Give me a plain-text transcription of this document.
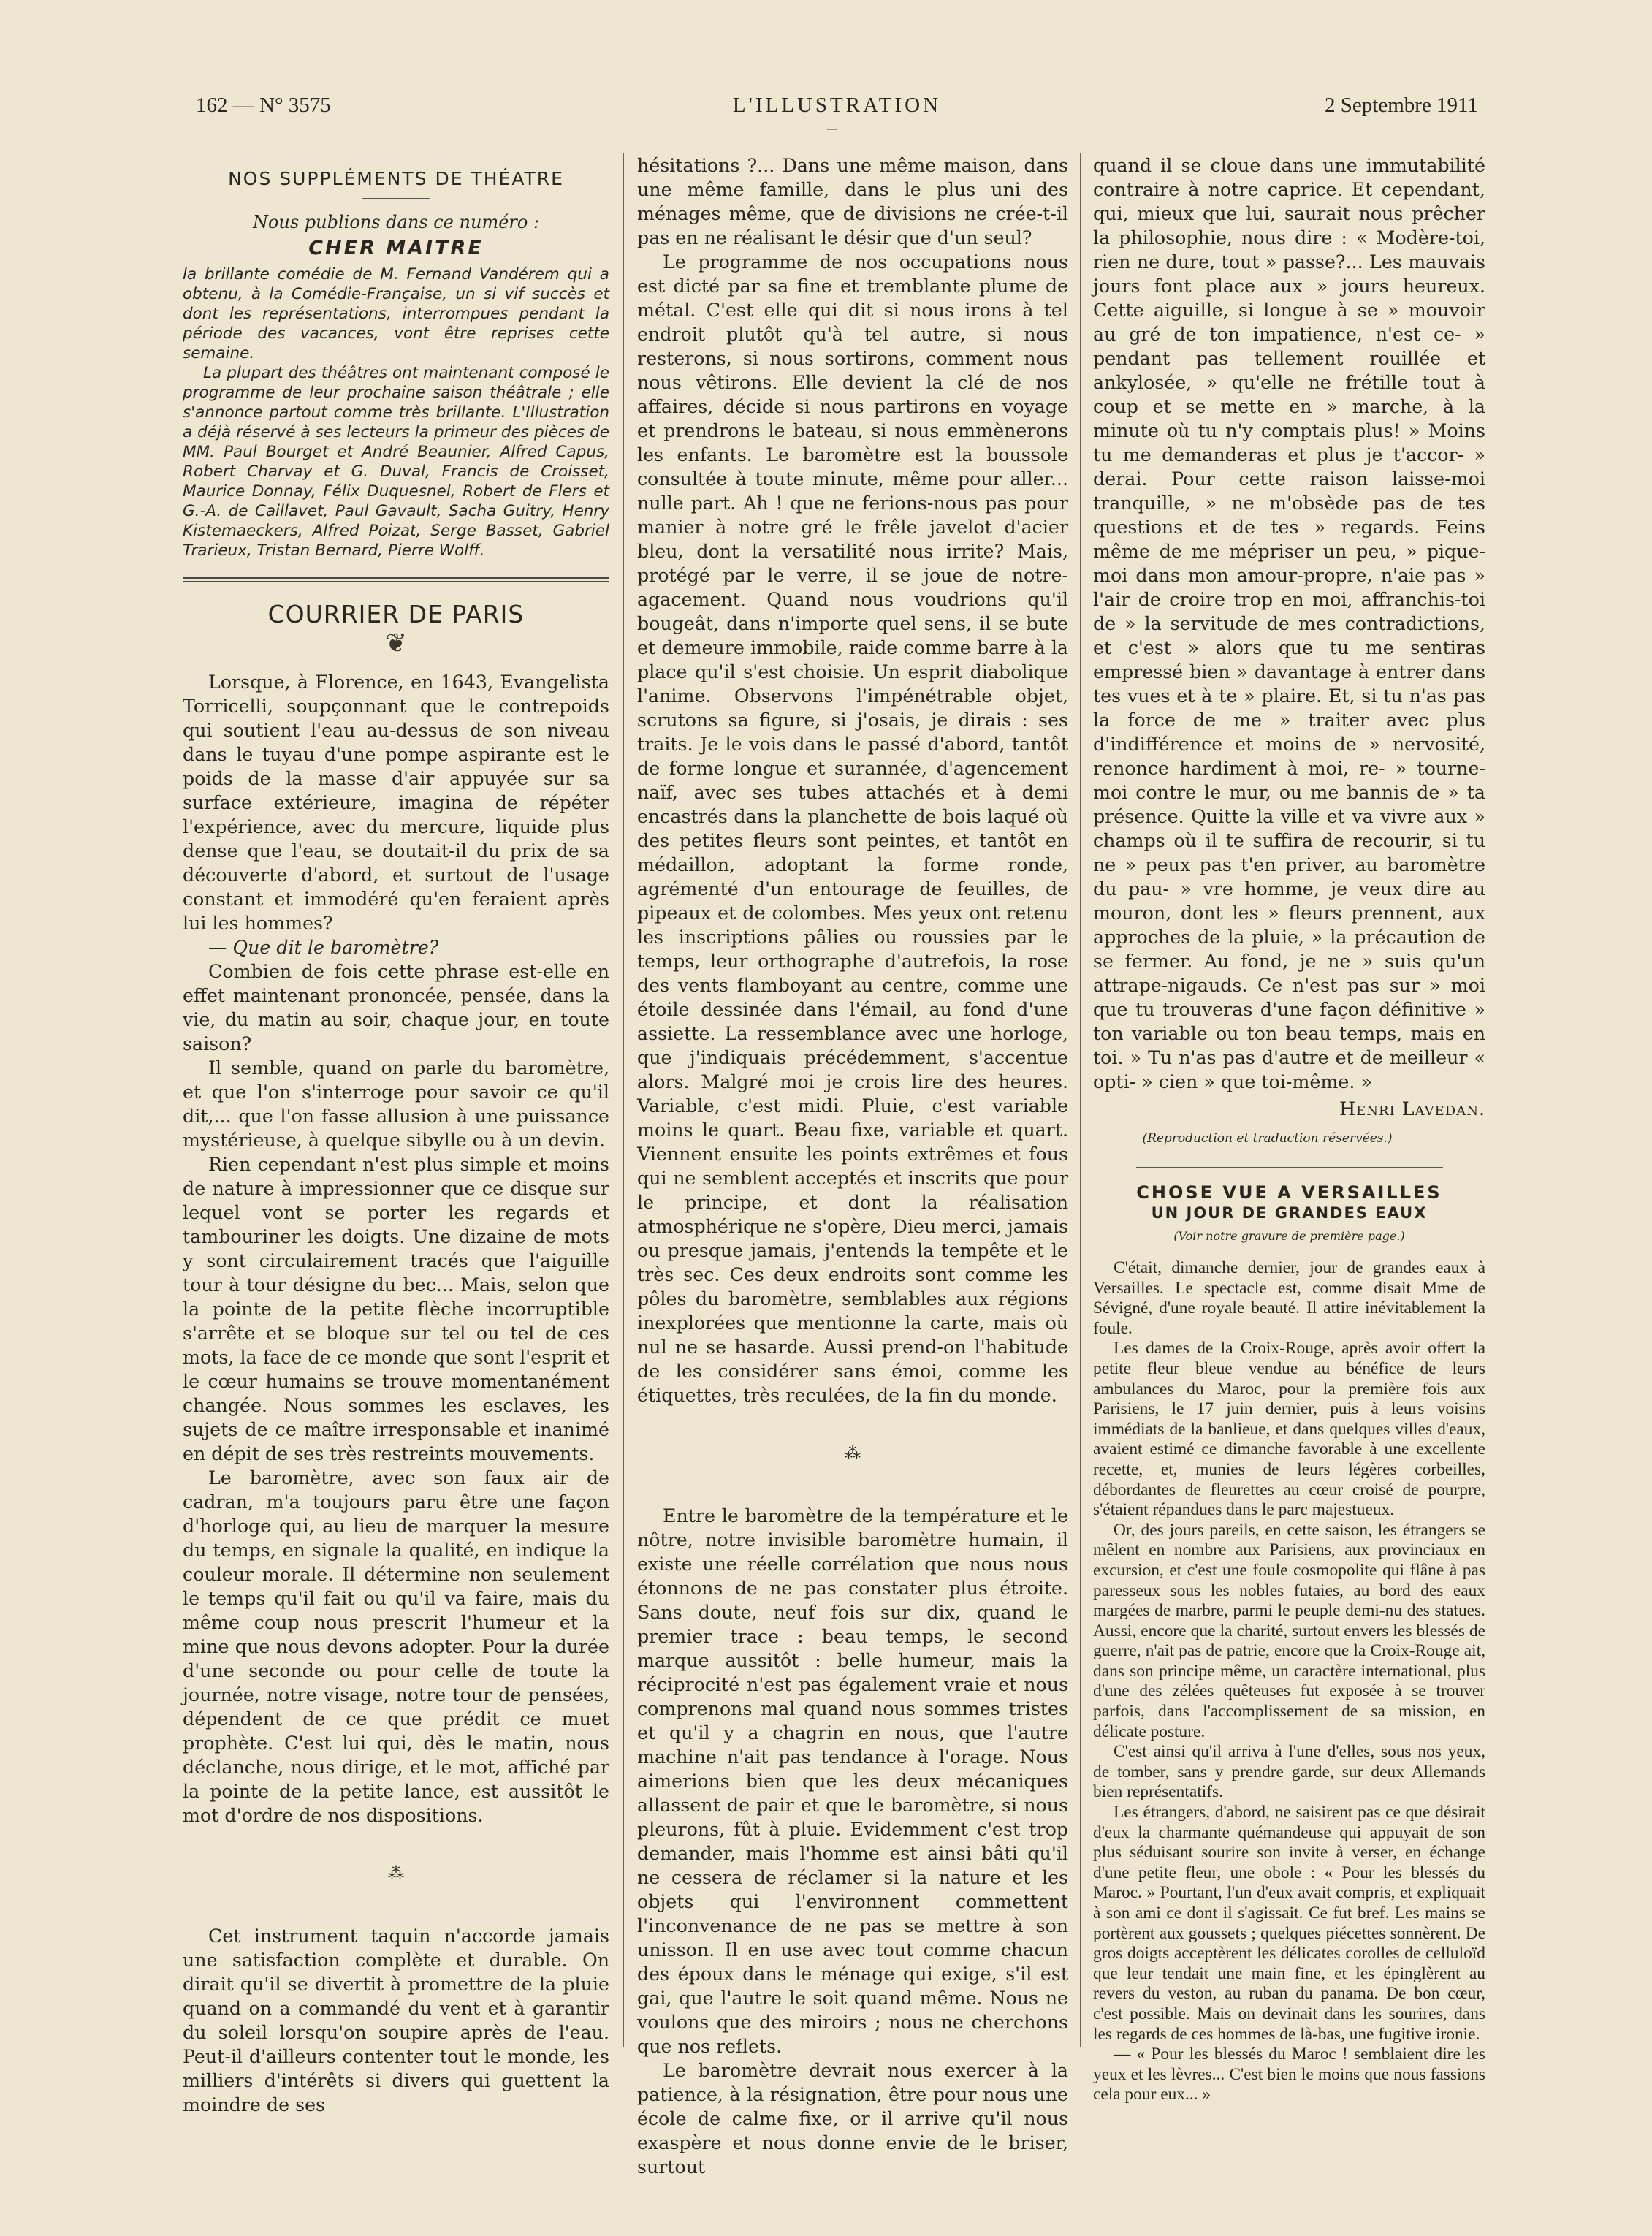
162 — N° 3575	L'ILLUSTRATION	2 Septembre 1911
NOS SUPPLÉMENTS DE THÉATRE
Nous publions dans ce numéro :
CHER MAITRE

la brillante comédie de M. Fernand Vandérem qui a obtenu, à la Comédie-Française, un si vif succès et dont les représentations, interrompues pendant la période des vacances, vont être reprises cette semaine.

La plupart des théâtres ont maintenant composé le programme de leur prochaine saison théâtrale ; elle s'annonce partout comme très brillante. L'Illustration a déjà réservé à ses lecteurs la primeur des pièces de MM. Paul Bourget et André Beaunier, Alfred Capus, Robert Charvay et G. Duval, Francis de Croisset, Maurice Donnay, Félix Duquesnel, Robert de Flers et G.-A. de Caillavet, Paul Gavault, Sacha Guitry, Henry Kistemaeckers, Alfred Poizat, Serge Basset, Gabriel Trarieux, Tristan Bernard, Pierre Wolff.

COURRIER DE PARIS
❦

Lorsque, à Florence, en 1643, Evangelista Torricelli, soupçonnant que le contrepoids qui soutient l'eau au-dessus de son niveau dans le tuyau d'une pompe aspirante est le poids de la masse d'air appuyée sur sa surface extérieure, imagina de répéter l'expérience, avec du mercure, liquide plus dense que l'eau, se doutait-il du prix de sa découverte d'abord, et surtout de l'usage constant et immodéré qu'en feraient après lui les hommes?

— Que dit le baromètre?

Combien de fois cette phrase est-elle en effet maintenant prononcée, pensée, dans la vie, du matin au soir, chaque jour, en toute saison?

Il semble, quand on parle du baromètre, et que l'on s'interroge pour savoir ce qu'il dit,... que l'on fasse allusion à une puissance mystérieuse, à quelque sibylle ou à un devin.

Rien cependant n'est plus simple et moins de nature à impressionner que ce disque sur lequel vont se porter les regards et tambouriner les doigts. Une dizaine de mots y sont circulairement tracés que l'aiguille tour à tour désigne du bec... Mais, selon que la pointe de la petite flèche incorruptible s'arrête et se bloque sur tel ou tel de ces mots, la face de ce monde que sont l'esprit et le cœur humains se trouve momentanément changée. Nous sommes les esclaves, les sujets de ce maître irresponsable et inanimé en dépit de ses très restreints mouvements.

Le baromètre, avec son faux air de cadran, m'a toujours paru être une façon d'horloge qui, au lieu de marquer la mesure du temps, en signale la qualité, en indique la couleur morale. Il détermine non seulement le temps qu'il fait ou qu'il va faire, mais du même coup nous prescrit l'humeur et la mine que nous devons adopter. Pour la durée d'une seconde ou pour celle de toute la journée, notre visage, notre tour de pensées, dépendent de ce que prédit ce muet prophète. C'est lui qui, dès le matin, nous déclanche, nous dirige, et le mot, affiché par la pointe de la petite lance, est aussitôt le mot d'ordre de nos dispositions.

⁂

Cet instrument taquin n'accorde jamais une satisfaction complète et durable. On dirait qu'il se divertit à promettre de la pluie quand on a commandé du vent et à garantir du soleil lorsqu'on soupire après de l'eau. Peut-il d'ailleurs contenter tout le monde, les milliers d'intérêts si divers qui guettent la moindre de ses

hésitations ?... Dans une même maison, dans une même famille, dans le plus uni des ménages même, que de divisions ne crée-t-il pas en ne réalisant le désir que d'un seul?

Le programme de nos occupations nous est dicté par sa fine et tremblante plume de métal. C'est elle qui dit si nous irons à tel endroit plutôt qu'à tel autre, si nous resterons, si nous sortirons, comment nous nous vêtirons. Elle devient la clé de nos affaires, décide si nous partirons en voyage et prendrons le bateau, si nous emmènerons les enfants. Le baromètre est la boussole consultée à toute minute, même pour aller... nulle part. Ah ! que ne ferions-nous pas pour manier à notre gré le frêle javelot d'acier bleu, dont la versatilité nous irrite? Mais, protégé par le verre, il se joue de notre-agacement. Quand nous voudrions qu'il bougeât, dans n'importe quel sens, il se bute et demeure immobile, raide comme barre à la place qu'il s'est choisie. Un esprit diabolique l'anime. Observons l'impénétrable objet, scrutons sa figure, si j'osais, je dirais : ses traits. Je le vois dans le passé d'abord, tantôt de forme longue et surannée, d'agencement naïf, avec ses tubes attachés et à demi encastrés dans la planchette de bois laqué où des petites fleurs sont peintes, et tantôt en médaillon, adoptant la forme ronde, agrémenté d'un entourage de feuilles, de pipeaux et de colombes. Mes yeux ont retenu les inscriptions pâlies ou roussies par le temps, leur orthographe d'autrefois, la rose des vents flamboyant au centre, comme une étoile dessinée dans l'émail, au fond d'une assiette. La ressemblance avec une horloge, que j'indiquais précédemment, s'accentue alors. Malgré moi je crois lire des heures. Variable, c'est midi. Pluie, c'est variable moins le quart. Beau fixe, variable et quart. Viennent ensuite les points extrêmes et fous qui ne semblent acceptés et inscrits que pour le principe, et dont la réalisation atmosphérique ne s'opère, Dieu merci, jamais ou presque jamais, j'entends la tempête et le très sec. Ces deux endroits sont comme les pôles du baromètre, semblables aux régions inexplorées que mentionne la carte, mais où nul ne se hasarde. Aussi prend-on l'habitude de les considérer sans émoi, comme les étiquettes, très reculées, de la fin du monde.

⁂

Entre le baromètre de la température et le nôtre, notre invisible baromètre humain, il existe une réelle corrélation que nous nous étonnons de ne pas constater plus étroite. Sans doute, neuf fois sur dix, quand le premier trace : beau temps, le second marque aussitôt : belle humeur, mais la réciprocité n'est pas également vraie et nous comprenons mal quand nous sommes tristes et qu'il y a chagrin en nous, que l'autre machine n'ait pas tendance à l'orage. Nous aimerions bien que les deux mécaniques allassent de pair et que le baromètre, si nous pleurons, fût à pluie. Evidemment c'est trop demander, mais l'homme est ainsi bâti qu'il ne cessera de réclamer si la nature et les objets qui l'environnent commettent l'inconvenance de ne pas se mettre à son unisson. Il en use avec tout comme chacun des époux dans le ménage qui exige, s'il est gai, que l'autre le soit quand même. Nous ne voulons que des miroirs ; nous ne cherchons que nos reflets.

Le baromètre devrait nous exercer à la patience, à la résignation, être pour nous une école de calme fixe, or il arrive qu'il nous exaspère et nous donne envie de le briser, surtout

quand il se cloue dans une immutabilité contraire à notre caprice. Et cependant, qui, mieux que lui, saurait nous prêcher la philosophie, nous dire : « Modère-toi, rien ne dure, tout » passe?... Les mauvais jours font place aux » jours heureux. Cette aiguille, si longue à se » mouvoir au gré de ton impatience, n'est ce- » pendant pas tellement rouillée et ankylosée, » qu'elle ne frétille tout à coup et se mette en » marche, à la minute où tu n'y comptais plus! » Moins tu me demanderas et plus je t'accor- » derai. Pour cette raison laisse-moi tranquille, » ne m'obsède pas de tes questions et de tes » regards. Feins même de me mépriser un peu, » pique-moi dans mon amour-propre, n'aie pas » l'air de croire trop en moi, affranchis-toi de » la servitude de mes contradictions, et c'est » alors que tu me sentiras empressé bien » davantage à entrer dans tes vues et à te » plaire. Et, si tu n'as pas la force de me » traiter avec plus d'indifférence et moins de » nervosité, renonce hardiment à moi, re- » tourne-moi contre le mur, ou me bannis de » ta présence. Quitte la ville et va vivre aux » champs où il te suffira de recourir, si tu ne » peux pas t'en priver, au baromètre du pau- » vre homme, je veux dire au mouron, dont les » fleurs prennent, aux approches de la pluie, » la précaution de se fermer. Au fond, je ne » suis qu'un attrape-nigauds. Ce n'est pas sur » moi que tu trouveras d'une façon définitive » ton variable ou ton beau temps, mais en toi. » Tu n'as pas d'autre et de meilleur « opti- » cien » que toi-même. »

Henri Lavedan.
(Reproduction et traduction réservées.)
CHOSE VUE A VERSAILLES
UN JOUR DE GRANDES EAUX
(Voir notre gravure de première page.)

C'était, dimanche dernier, jour de grandes eaux à Versailles. Le spectacle est, comme disait Mme de Sévigné, d'une royale beauté. Il attire inévitablement la foule.

Les dames de la Croix-Rouge, après avoir offert la petite fleur bleue vendue au bénéfice de leurs ambulances du Maroc, pour la première fois aux Parisiens, le 17 juin dernier, puis à leurs voisins immédiats de la banlieue, et dans quelques villes d'eaux, avaient estimé ce dimanche favorable à une excellente recette, et, munies de leurs légères corbeilles, débordantes de fleurettes au cœur croisé de pourpre, s'étaient répandues dans le parc majestueux.

Or, des jours pareils, en cette saison, les étrangers se mêlent en nombre aux Parisiens, aux provinciaux en excursion, et c'est une foule cosmopolite qui flâne à pas paresseux sous les nobles futaies, au bord des eaux margées de marbre, parmi le peuple demi-nu des statues. Aussi, encore que la charité, surtout envers les blessés de guerre, n'ait pas de patrie, encore que la Croix-Rouge ait, dans son principe même, un caractère international, plus d'une des zélées quêteuses fut exposée à se trouver parfois, dans l'accomplissement de sa mission, en délicate posture.

C'est ainsi qu'il arriva à l'une d'elles, sous nos yeux, de tomber, sans y prendre garde, sur deux Allemands bien représentatifs.

Les étrangers, d'abord, ne saisirent pas ce que désirait d'eux la charmante quémandeuse qui appuyait de son plus séduisant sourire son invite à verser, en échange d'une petite fleur, une obole : « Pour les blessés du Maroc. » Pourtant, l'un d'eux avait compris, et expliquait à son ami ce dont il s'agissait. Ce fut bref. Les mains se portèrent aux goussets ; quelques piécettes sonnèrent. De gros doigts acceptèrent les délicates corolles de celluloïd que leur tendait une main fine, et les épinglèrent au revers du veston, au ruban du panama. De bon cœur, c'est possible. Mais on devinait dans les sourires, dans les regards de ces hommes de là-bas, une fugitive ironie.

— « Pour les blessés du Maroc ! semblaient dire les yeux et les lèvres... C'est bien le moins que nous fassions cela pour eux... »
